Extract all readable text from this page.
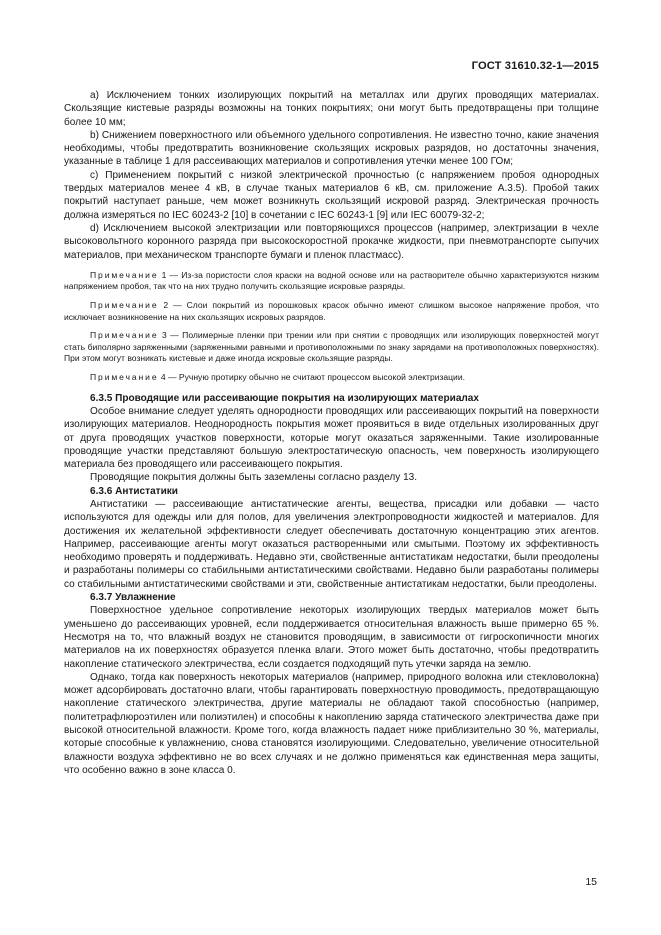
ГОСТ 31610.32-1—2015

a) Исключением тонких изолирующих покрытий на металлах или других проводящих материалах. Скользящие кистевые разряды возможны на тонких покрытиях; они могут быть предотвращены при толщине более 10 мм;

b) Снижением поверхностного или объемного удельного сопротивления. Не известно точно, какие значения необходимы, чтобы предотвратить возникновение скользящих искровых разрядов, но достаточны значения, указанные в таблице 1 для рассеивающих материалов и сопротивления утечки менее 100 ГОм;

c) Применением покрытий с низкой электрической прочностью (с напряжением пробоя однородных твердых материалов менее 4 кВ, в случае тканых материалов 6 кВ, см. приложение А.3.5). Пробой таких покрытий наступает раньше, чем может возникнуть скользящий искровой разряд. Электрическая прочность должна измеряться по IEC 60243-2 [10] в сочетании с IEC 60243-1 [9] или IEC 60079-32-2;

d) Исключением высокой электризации или повторяющихся процессов (например, электризации в чехле высоковольтного коронного разряда при высокоскоростной прокачке жидкости, при пневмотранспорте сыпучих материалов, при механическом транспорте бумаги и пленок пластмасс).

Примечание 1 — Из-за пористости слоя краски на водной основе или на растворителе обычно характеризуются низким напряжением пробоя, так что на них трудно получить скользящие искровые разряды.

Примечание 2 — Слои покрытий из порошковых красок обычно имеют слишком высокое напряжение пробоя, что исключает возникновение на них скользящих искровых разрядов.

Примечание 3 — Полимерные пленки при трении или при снятии с проводящих или изолирующих поверхностей могут стать биполярно заряженными (заряженными равными и противоположными по знаку зарядами на противоположных поверхностях). При этом могут возникать кистевые и даже иногда искровые скользящие разряды.

Примечание 4 — Ручную протирку обычно не считают процессом высокой электризации.

6.3.5 Проводящие или рассеивающие покрытия на изолирующих материалах

Особое внимание следует уделять однородности проводящих или рассеивающих покрытий на поверхности изолирующих материалов. Неоднородность покрытия может проявиться в виде отдельных изолированных друг от друга проводящих участков поверхности, которые могут оказаться заряженными. Такие изолированные проводящие участки представляют большую электростатическую опасность, чем поверхность изолирующего материала без проводящего или рассеивающего покрытия.

Проводящие покрытия должны быть заземлены согласно разделу 13.

6.3.6 Антистатики

Антистатики — рассеивающие антистатические агенты, вещества, присадки или добавки — часто используются для одежды или для полов, для увеличения электропроводности жидкостей и материалов. Для достижения их желательной эффективности следует обеспечивать достаточную концентрацию этих агентов. Например, рассеивающие агенты могут оказаться растворенными или смытыми. Поэтому их эффективность необходимо проверять и поддерживать. Недавно эти, свойственные антистатикам недостатки, были преодолены и разработаны полимеры со стабильными антистатическими свойствами. Недавно были разработаны полимеры со стабильными антистатическими свойствами и эти, свойственные антистатикам недостатки, были преодолены.

6.3.7 Увлажнение

Поверхностное удельное сопротивление некоторых изолирующих твердых материалов может быть уменьшено до рассеивающих уровней, если поддерживается относительная влажность выше примерно 65 %. Несмотря на то, что влажный воздух не становится проводящим, в зависимости от гигроскопичности многих материалов на их поверхностях образуется пленка влаги. Этого может быть достаточно, чтобы предотвратить накопление статического электричества, если создается подходящий путь утечки заряда на землю.

Однако, тогда как поверхность некоторых материалов (например, природного волокна или стекловолокна) может адсорбировать достаточно влаги, чтобы гарантировать поверхностную проводимость, предотвращающую накопление статического электричества, другие материалы не обладают такой способностью (например, политетрафлюроэтилен или полиэтилен) и способны к накоплению заряда статического электричества даже при высокой относительной влажности. Кроме того, когда влажность падает ниже приблизительно 30 %, материалы, которые способные к увлажнению, снова становятся изолирующими. Следовательно, увеличение относительной влажности воздуха эффективно не во всех случаях и не должно применяться как единственная мера защиты, что особенно важно в зоне класса 0.

15
